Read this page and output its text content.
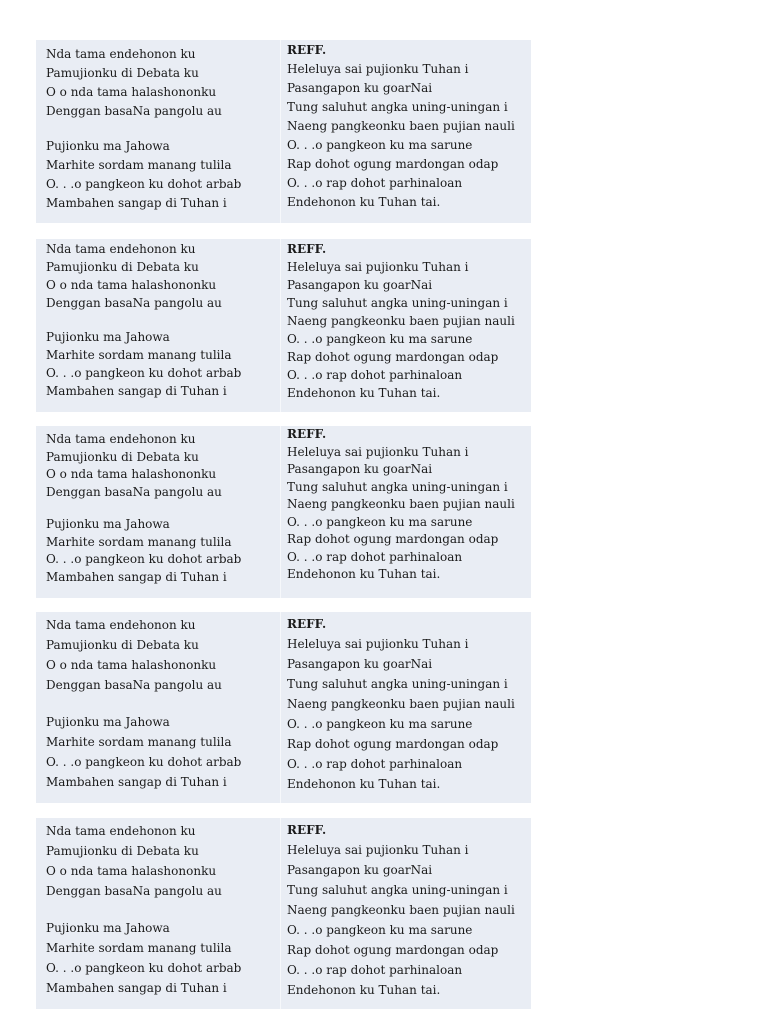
Nda tama endehonon ku
Pamujionku di Debata ku
O o nda tama halashononku
Denggan basaNa pangolu au
Pujionku ma Jahowa
Marhite sordam manang tulila
O. . .o pangkeon ku dohot arbab
Mambahen sangap di Tuhan i
REFF.
Heleluya sai pujionku Tuhan i
Pasangapon ku goarNai
Tung saluhut angka uning-uningan i
Naeng pangkeonku baen pujian nauli
O. . .o pangkeon ku ma sarune
Rap dohot ogung mardongan odap
O. . .o rap dohot parhinaloan
Endehonon ku Tuhan tai.
Nda tama endehonon ku
Pamujionku di Debata ku
O o nda tama halashononku
Denggan basaNa pangolu au
Pujionku ma Jahowa
Marhite sordam manang tulila
O. . .o pangkeon ku dohot arbab
Mambahen sangap di Tuhan i
REFF.
Heleluya sai pujionku Tuhan i
Pasangapon ku goarNai
Tung saluhut angka uning-uningan i
Naeng pangkeonku baen pujian nauli
O. . .o pangkeon ku ma sarune
Rap dohot ogung mardongan odap
O. . .o rap dohot parhinaloan
Endehonon ku Tuhan tai.
Nda tama endehonon ku
Pamujionku di Debata ku
O o nda tama halashononku
Denggan basaNa pangolu au
Pujionku ma Jahowa
Marhite sordam manang tulila
O. . .o pangkeon ku dohot arbab
Mambahen sangap di Tuhan i
REFF.
Heleluya sai pujionku Tuhan i
Pasangapon ku goarNai
Tung saluhut angka uning-uningan i
Naeng pangkeonku baen pujian nauli
O. . .o pangkeon ku ma sarune
Rap dohot ogung mardongan odap
O. . .o rap dohot parhinaloan
Endehonon ku Tuhan tai.
Nda tama endehonon ku
Pamujionku di Debata ku
O o nda tama halashononku
Denggan basaNa pangolu au
Pujionku ma Jahowa
Marhite sordam manang tulila
O. . .o pangkeon ku dohot arbab
Mambahen sangap di Tuhan i
REFF.
Heleluya sai pujionku Tuhan i
Pasangapon ku goarNai
Tung saluhut angka uning-uningan i
Naeng pangkeonku baen pujian nauli
O. . .o pangkeon ku ma sarune
Rap dohot ogung mardongan odap
O. . .o rap dohot parhinaloan
Endehonon ku Tuhan tai.
Nda tama endehonon ku
Pamujionku di Debata ku
O o nda tama halashononku
Denggan basaNa pangolu au
Pujionku ma Jahowa
Marhite sordam manang tulila
O. . .o pangkeon ku dohot arbab
Mambahen sangap di Tuhan i
REFF.
Heleluya sai pujionku Tuhan i
Pasangapon ku goarNai
Tung saluhut angka uning-uningan i
Naeng pangkeonku baen pujian nauli
O. . .o pangkeon ku ma sarune
Rap dohot ogung mardongan odap
O. . .o rap dohot parhinaloan
Endehonon ku Tuhan tai.
